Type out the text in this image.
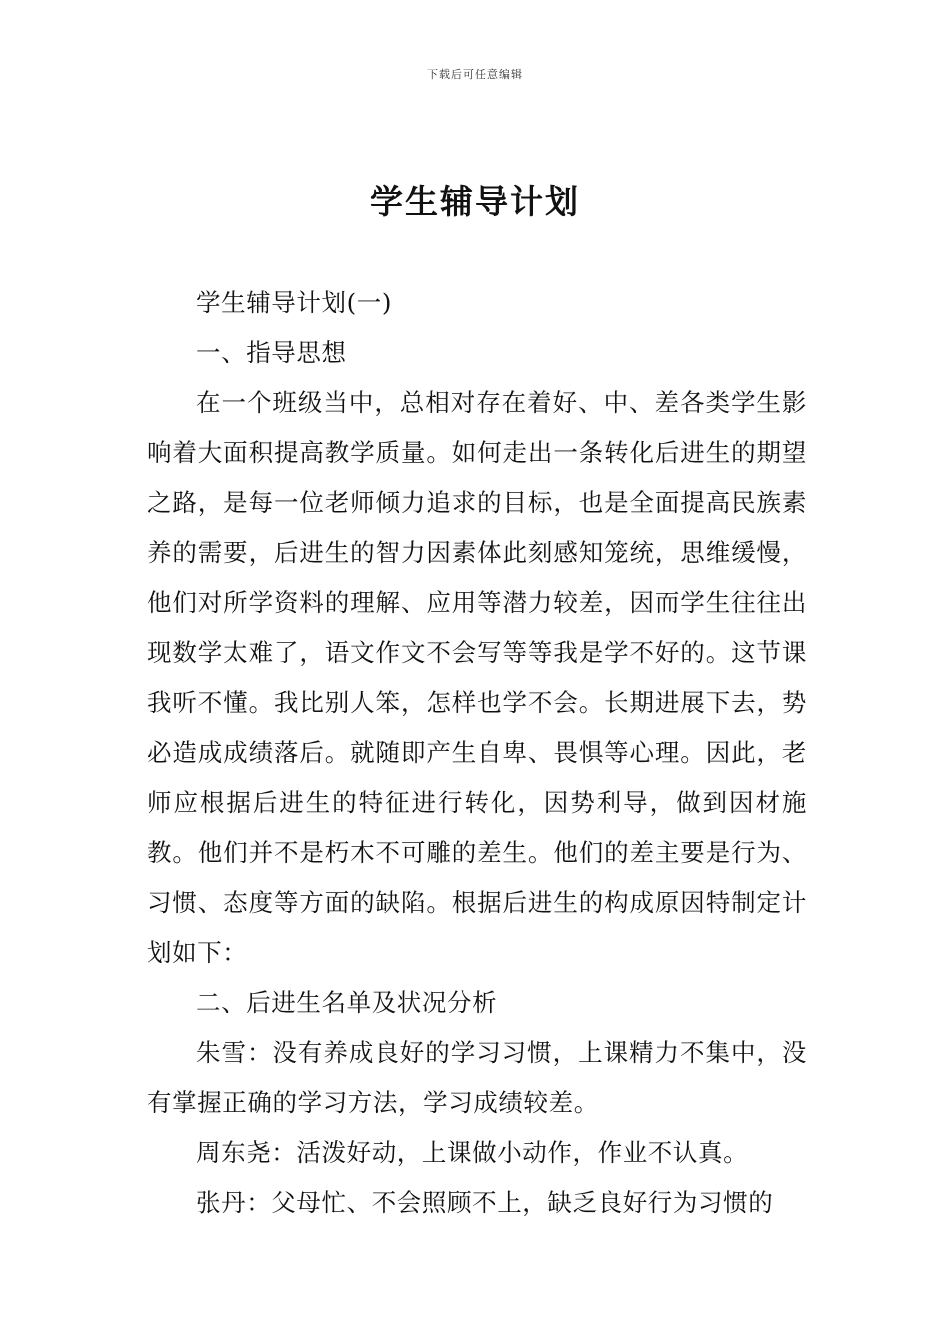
下载后可任意编辑
学生辅导计划

学生辅导计划(一)

一、指导思想

在一个班级当中，总相对存在着好、中、差各类学生影响着大面积提高教学质量。如何走出一条转化后进生的期望之路，是每一位老师倾力追求的目标，也是全面提高民族素养的需要，后进生的智力因素体此刻感知笼统，思维缓慢，他们对所学资料的理解、应用等潜力较差，因而学生往往出现数学太难了，语文作文不会写等等我是学不好的。这节课我听不懂。我比别人笨，怎样也学不会。长期进展下去，势必造成成绩落后。就随即产生自卑、畏惧等心理。因此，老师应根据后进生的特征进行转化，因势利导，做到因材施教。他们并不是朽木不可雕的差生。他们的差主要是行为、习惯、态度等方面的缺陷。根据后进生的构成原因特制定计划如下：

二、后进生名单及状况分析

朱雪：没有养成良好的学习习惯，上课精力不集中，没有掌握正确的学习方法，学习成绩较差。

周东尧：活泼好动，上课做小动作，作业不认真。

张丹：父母忙、不会照顾不上，缺乏良好行为习惯的
